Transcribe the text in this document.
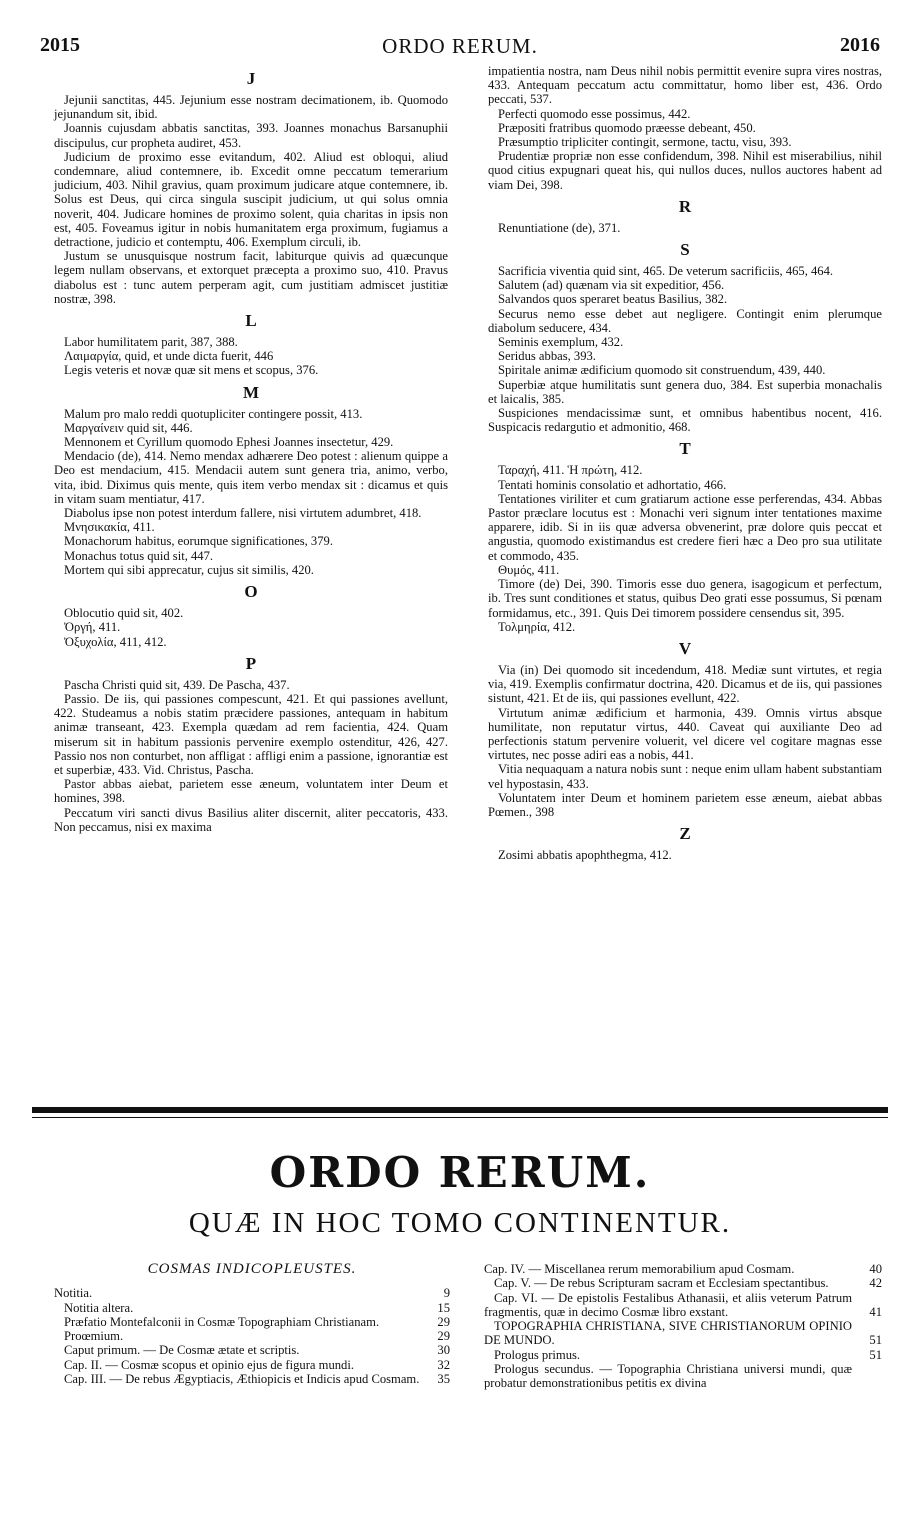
2015	ORDO RERUM.	2016
J

Jejunii sanctitas, 445. Jejunium esse nostram decimationem, ib. Quomodo jejunandum sit, ibid.

Joannis cujusdam abbatis sanctitas, 393. Joannes monachus Barsanuphii discipulus, cur propheta audiret, 453.

Judicium de proximo esse evitandum, 402. Aliud est obloqui, aliud condemnare, aliud contemnere, ib. Excedit omne peccatum temerarium judicium, 403. Nihil gravius, quam proximum judicare atque contemnere, ib. Solus est Deus, qui circa singula suscipit judicium, ut qui solus omnia noverit, 404. Judicare homines de proximo solent, quia charitas in ipsis non est, 405. Foveamus igitur in nobis humanitatem erga proximum, fugiamus a detractione, judicio et contemptu, 406. Exemplum circuli, ib.

Justum se unusquisque nostrum facit, labiturque quivis ad quæcunque legem nullam observans, et extorquet præcepta a proximo suo, 410. Pravus diabolus est : tunc autem perperam agit, cum justitiam admiscet justitiæ nostræ, 398.

L

Labor humilitatem parit, 387, 388.

Λαιμαργία, quid, et unde dicta fuerit, 446

Legis veteris et novæ quæ sit mens et scopus, 376.

M

Malum pro malo reddi quotupliciter contingere possit, 413.

Μαργαίνειν quid sit, 446.

Mennonem et Cyrillum quomodo Ephesi Joannes insectetur, 429.

Mendacio (de), 414. Nemo mendax adhærere Deo potest : alienum quippe a Deo est mendacium, 415. Mendacii autem sunt genera tria, animo, verbo, vita, ibid. Diximus quis mente, quis item verbo mendax sit : dicamus et quis in vitam suam mentiatur, 417.

Diabolus ipse non potest interdum fallere, nisi virtutem adumbret, 418.

Μνησικακία, 411.

Monachorum habitus, eorumque significationes, 379.

Monachus totus quid sit, 447.

Mortem qui sibi apprecatur, cujus sit similis, 420.

O

Oblocutio quid sit, 402.

Ὀργή, 411.

Ὀξυχολία, 411, 412.

P

Pascha Christi quid sit, 439. De Pascha, 437.

Passio. De iis, qui passiones compescunt, 421. Et qui passiones avellunt, 422. Studeamus a nobis statim præcidere passiones, antequam in habitum animæ transeant, 423. Exempla quædam ad rem facientia, 424. Quam miserum sit in habitum passionis pervenire exemplo ostenditur, 426, 427. Passio nos non conturbet, non affligat : affligi enim a passione, ignorantiæ est et superbiæ, 433. Vid. Christus, Pascha.

Pastor abbas aiebat, parietem esse æneum, voluntatem inter Deum et homines, 398.

Peccatum viri sancti divus Basilius aliter discernit, aliter peccatoris, 433. Non peccamus, nisi ex maxima

impatientia nostra, nam Deus nihil nobis permittit evenire supra vires nostras, 433. Antequam peccatum actu committatur, homo liber est, 436. Ordo peccati, 537.

Perfecti quomodo esse possimus, 442.

Præpositi fratribus quomodo præesse debeant, 450.

Præsumptio tripliciter contingit, sermone, tactu, visu, 393.

Prudentiæ propriæ non esse confidendum, 398. Nihil est miserabilius, nihil quod citius expugnari queat his, qui nullos duces, nullos auctores habent ad viam Dei, 398.

R

Renuntiatione (de), 371.

S

Sacrificia viventia quid sint, 465. De veterum sacrificiis, 465, 464.

Salutem (ad) quænam via sit expeditior, 456.

Salvandos quos speraret beatus Basilius, 382.

Securus nemo esse debet aut negligere. Contingit enim plerumque diabolum seducere, 434.

Seminis exemplum, 432.

Seridus abbas, 393.

Spiritale animæ ædificium quomodo sit construendum, 439, 440.

Superbiæ atque humilitatis sunt genera duo, 384. Est superbia monachalis et laicalis, 385.

Suspiciones mendacissimæ sunt, et omnibus habentibus nocent, 416. Suspicacis redargutio et admonitio, 468.

T

Ταραχή, 411. Ἡ πρώτη, 412.

Tentati hominis consolatio et adhortatio, 466.

Tentationes viriliter et cum gratiarum actione esse perferendas, 434. Abbas Pastor præclare locutus est : Monachi veri signum inter tentationes maxime apparere, idib. Si in iis quæ adversa obvenerint, præ dolore quis peccat et angustia, quomodo existimandus est credere fieri hæc a Deo pro sua utilitate et commodo, 435.

Θυμός, 411.

Timore (de) Dei, 390. Timoris esse duo genera, isagogicum et perfectum, ib. Tres sunt conditiones et status, quibus Deo grati esse possumus, Si pœnam formidamus, etc., 391. Quis Dei timorem possidere censendus sit, 395.

Τολμηρία, 412.

V

Via (in) Dei quomodo sit incedendum, 418. Mediæ sunt virtutes, et regia via, 419. Exemplis confirmatur doctrina, 420. Dicamus et de iis, qui passiones sistunt, 421. Et de iis, qui passiones evellunt, 422.

Virtutum animæ ædificium et harmonia, 439. Omnis virtus absque humilitate, non reputatur virtus, 440. Caveat qui auxiliante Deo ad perfectionis statum pervenire voluerit, vel dicere vel cogitare magnas esse virtutes, nec posse adiri eas a nobis, 441.

Vitia nequaquam a natura nobis sunt : neque enim ullam habent substantiam vel hypostasin, 433.

Voluntatem inter Deum et hominem parietem esse æneum, aiebat abbas Pœmen., 398

Z

Zosimi abbatis apophthegma, 412.

ORDO RERUM.
QUÆ IN HOC TOMO CONTINENTUR.
COSMAS INDICOPLEUSTES.
Notitia.	9
Notitia altera.	15
Præfatio Montefalconii in Cosmæ Topographiam Christianam.	29
Proœmium.	29
Caput primum. — De Cosmæ ætate et scriptis.	30
Cap. II. — Cosmæ scopus et opinio ejus de figura mundi.	32
Cap. III. — De rebus Ægyptiacis, Æthiopicis et Indicis apud Cosmam.	35
Cap. IV. — Miscellanea rerum memorabilium apud Cosmam.	40
Cap. V. — De rebus Scripturam sacram et Ecclesiam spectantibus.	42
Cap. VI. — De epistolis Festalibus Athanasii, et aliis veterum Patrum fragmentis, quæ in decimo Cosmæ libro exstant.	41
TOPOGRAPHIA CHRISTIANA, SIVE CHRISTIANORUM OPINIO DE MUNDO.	51
Prologus primus.	51
Prologus secundus. — Topographia Christiana universi mundi, quæ probatur demonstrationibus petitis ex divina
